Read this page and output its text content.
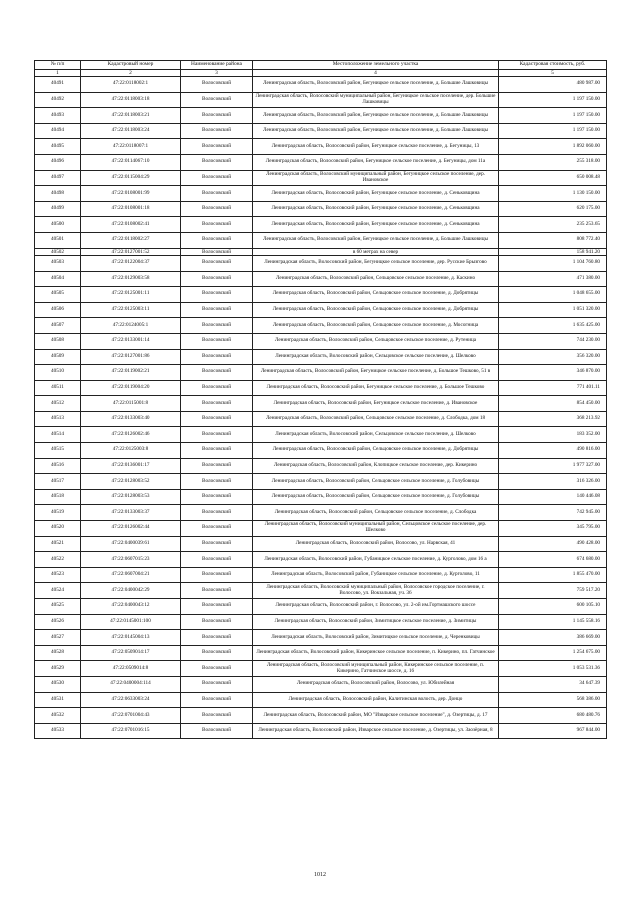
№ п/п	Кадастровый номер	Наименование района	Местоположение земельного участка	Кадастровая стоимость, руб.
1	2	3	4	5
40491	47:22:0118002:1	Волосовский	Ленинградская область, Волосовский район, Бегуницкое сельское поселение, д. Большие Лашковицы	480 987.00
40492	47:22:0118003:18	Волосовский	Ленинградская область, Волосовский муниципальный район, Бегуницкое сельское поселение, дер. Большие Лашковицы	1 197 150.00
40493	47:22:0118003:21	Волосовский	Ленинградская область, Волосовский район, Бегуницкое сельское поселение, д. Большие Лашковицы	1 197 150.00
40494	47:22:0118003:24	Волосовский	Ленинградская область, Волосовский район, Бегуницкое сельское поселение, д. Большие Лашковицы	1 197 150.00
40495	47:22:0118007:1	Волосовский	Ленинградская область, Волосовский район, Бегуницкое сельское поселение, д. Бегуницы, 13	1 892 060.00
40496	47:22:0114067:10	Волосовский	Ленинградская область, Волосовский район, Бегуницкое сельское поселение, д. Бегуницы, дом 11а	255 318.00
40497	47:22:0115004:29	Волосовский	Ленинградская область, Волосовский муниципальный район, Бегуницкое сельское поселение, дер. Ивановское	650 008.48
40498	47:22:0108001:99	Волосовский	Ленинградская область, Волосовский район, Бегуницкое сельское поселение, д. Сеньковщина	1 130 150.00
40499	47:22:0108001:18	Волосовский	Ленинградская область, Волосовский район, Бегуницкое сельское поселение, д. Сеньковщина	620 175.00
40500	47:22:0108002:41	Волосовский	Ленинградская область, Волосовский район, Бегуницкое сельское поселение, д. Сеньковщина	235 253.65
40501	47:22:0118002:27	Волосовский	Ленинградская область, Волосовский район, Бегуницкое сельское поселение, д. Большие Лашковицы	808 772.40
40502	47:22:0127001:52	Волосовский	в 60 метрах на север	158 941.20
40503	47:22:0122004:37	Волосовский	Ленинградская область, Волосовский район, Бегуницкое сельское поселение, дер. Русские Брызгово	1 104 760.80
40504	47:22:0129003:58	Волосовский	Ленинградская область, Волосовский район, Сельцовское сельское поселение, д. Каскино	471 380.00
40505	47:22:0125001:11	Волосовский	Ленинградская область, Волосовский район, Сельцовское сельское поселение, д. Добрятицы	1 048 655.00
40506	47:22:0125003:11	Волосовский	Ленинградская область, Волосовский район, Сельцовское сельское поселение, д. Добрятицы	1 051 320.00
40507	47:22:0124005:1	Волосовский	Ленинградская область, Волосовский район, Сельцовское сельское поселение, д. Мосогница	1 635 425.00
40508	47:22:0133001:14	Волосовский	Ленинградская область, Волосовский район, Сельцовское сельское поселение, д. Рутеница	744 230.00
40509	47:22:0127001:86	Волосовский	Ленинградская область, Волосовский район, Сельцовское сельское поселение, д. Шелково	356 320.00
40510	47:22:0119002:21	Волосовский	Ленинградская область, Волосовский район, Бегуницкое сельское поселение, д. Большое Тешково, 51 в	346 870.00
40511	47:22:0119004:20	Волосовский	Ленинградская область, Волосовский район, Бегуницкое сельское поселение, д. Большое Тешково	771 401.11
40512	47:22:0115001:8	Волосовский	Ленинградская область, Волосовский район, Бегуницкое сельское поселение, д. Ивановское	854 450.00
40513	47:22:0133003:40	Волосовский	Ленинградская область, Волосовский район, Сельцовское сельское поселение, д. Слободка, дом 18	368 213.92
40514	47:22:0126002:46	Волосовский	Ленинградская область, Волосовский район, Сельцовское сельское поселение, д. Шелково	183 352.00
40515	47:22:0125003:8	Волосовский	Ленинградская область, Волосовский район, Сельцовское сельское поселение, д. Добрятицы	490 816.00
40516	47:22:0136001:17	Волосовский	Ленинградская область, Волосовский район, Клопицкое сельское поселение, дер. Кикерино	1 977 327.00
40517	47:22:0128003:52	Волосовский	Ленинградская область, Волосовский район, Сельцовское сельское поселение, д. Голубовицы	316 326.00
40518	47:22:0128003:53	Волосовский	Ленинградская область, Волосовский район, Сельцовское сельское поселение, д. Голубовицы	140 446.08
40519	47:22:0133003:37	Волосовский	Ленинградская область, Волосовский район, Сельцовское сельское поселение, д. Слободка	742 945.00
40520	47:22:0126002:44	Волосовский	Ленинградская область, Волосовский муниципальный район, Сельцовское сельское поселение, дер. Шелково	345 795.00
40521	47:22:0400039:61	Волосовский	Ленинградская область, Волосовский район, Волосово, ул. Нарвская, 41	490 428.00
40522	47:22:0607015:23	Волосовский	Ленинградская область, Волосовский район, Губаницкое сельское поселение, д. Курголово, дом 16 а	674 680.00
40523	47:22:0607004:21	Волосовский	Ленинградская область, Волосовский район, Губаницкое сельское поселение, д. Курголово, 11	1 855 470.00
40524	47:22:0400042:29	Волосовский	Ленинградская область, Волосовский муниципальный район, Волосовское городское поселение, г. Волосово, ул. Вокзальная, уч. 36	759 517.20
40525	47:22:0400043:12	Волосовский	Ленинградская область, Волосовский район, г. Волосово, ул. 2-ой им.Гортмашского шоссе	600 105.10
40526	47:22:0145001:100	Волосовский	Ленинградская область, Волосовский район, Зимитицкое сельское поселение, д. Зимитицы	1 145 558.16
40527	47:22:0145004:13	Волосовский	Ленинградская область, Волосовский район, Зимитицкое сельское поселение, д. Черенковицы	386 669.00
40528	47:22:0509014:17	Волосовский	Ленинградская область, Волосовский район, Кикеринское сельское поселение, п. Кикерино, пл. Гатчинское	1 254 675.00
40529	47:22:0509014:8	Волосовский	Ленинградская область, Волосовский муниципальный район, Кикеринское сельское поселение, п. Кикерино, Гатчинское шоссе, д. 16	1 053 531.36
40530	47:22:0400004:114	Волосовский	Ленинградская область, Волосовский район, Волосово, ул. Юбилейная	34 647.39
40531	47:22:0633003:24	Волосовский	Ленинградская область, Волосовский район, Калитинская волость, дер. Донцо	568 386.00
40532	47:22:0701004:43	Волосовский	Ленинградская область, Волосовский район, МО "Изварское сельское поселение", д. Озертицы, д. 17	680 480.76
40533	47:22:0701016:15	Волосовский	Ленинградская область, Волосовский район, Изварское сельское поселение, д. Озертицы, ул. Заозёрная, 8	967 844.00
1012
